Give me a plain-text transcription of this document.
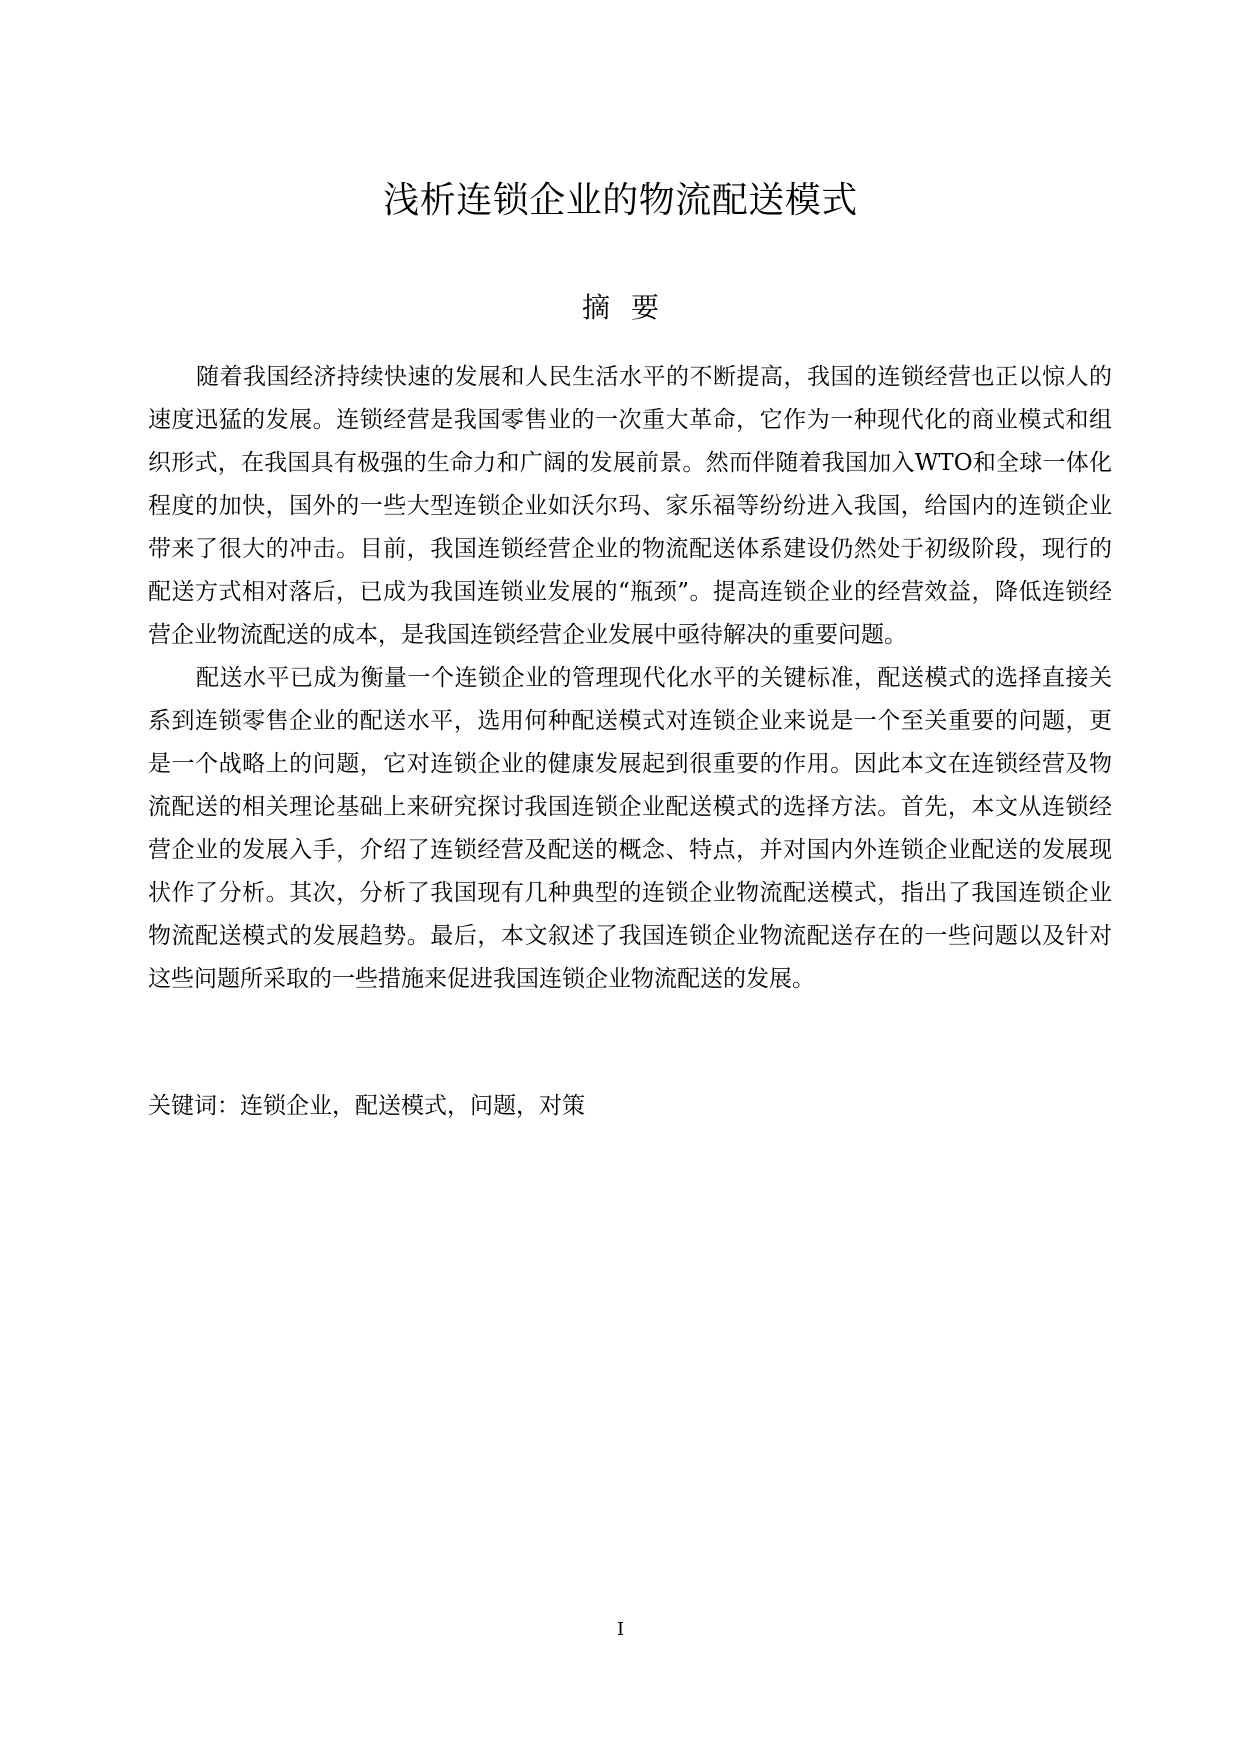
浅析连锁企业的物流配送模式
摘 要

随着我国经济持续快速的发展和人民生活水平的不断提高，我国的连锁经营也正以惊人的速度迅猛的发展。连锁经营是我国零售业的一次重大革命，它作为一种现代化的商业模式和组织形式，在我国具有极强的生命力和广阔的发展前景。然而伴随着我国加入WTO和全球一体化程度的加快，国外的一些大型连锁企业如沃尔玛、家乐福等纷纷进入我国，给国内的连锁企业带来了很大的冲击。目前，我国连锁经营企业的物流配送体系建设仍然处于初级阶段，现行的配送方式相对落后，已成为我国连锁业发展的“瓶颈”。提高连锁企业的经营效益，降低连锁经营企业物流配送的成本，是我国连锁经营企业发展中亟待解决的重要问题。

配送水平已成为衡量一个连锁企业的管理现代化水平的关键标准，配送模式的选择直接关系到连锁零售企业的配送水平，选用何种配送模式对连锁企业来说是一个至关重要的问题，更是一个战略上的问题，它对连锁企业的健康发展起到很重要的作用。因此本文在连锁经营及物流配送的相关理论基础上来研究探讨我国连锁企业配送模式的选择方法。首先，本文从连锁经营企业的发展入手，介绍了连锁经营及配送的概念、特点，并对国内外连锁企业配送的发展现状作了分析。其次，分析了我国现有几种典型的连锁企业物流配送模式，指出了我国连锁企业物流配送模式的发展趋势。最后，本文叙述了我国连锁企业物流配送存在的一些问题以及针对这些问题所采取的一些措施来促进我国连锁企业物流配送的发展。

关键词：连锁企业，配送模式，问题，对策

I
